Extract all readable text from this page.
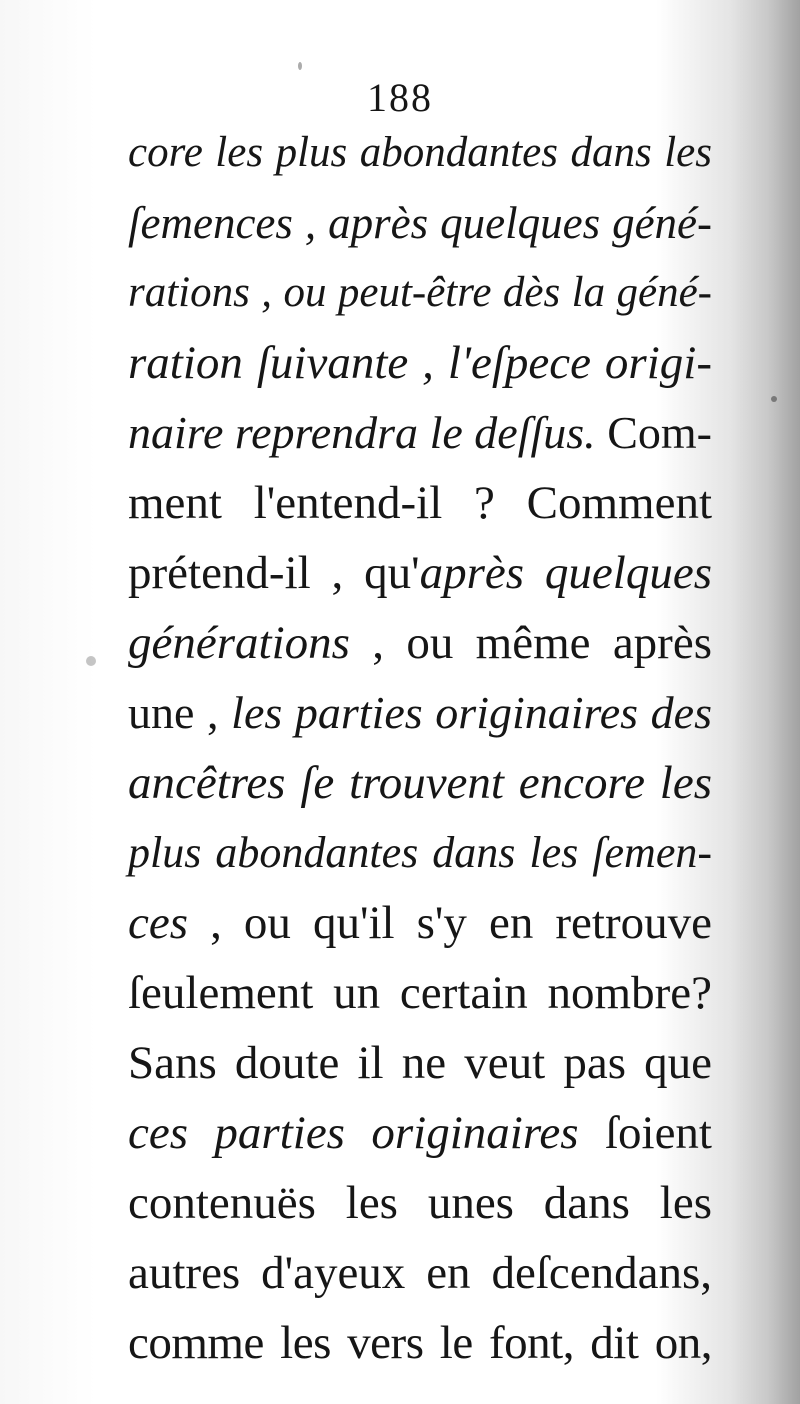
188
core les plus abondantes dans les
ſemences , après quelques géné-
rations , ou peut-être dès la géné-
ration ſuivante , l'eſpece origi-
naire reprendra le deſſus. Com-
ment l'entend-il ? Comment
prétend-il , qu'après quelques
générations , ou même après
une , les parties originaires des
ancêtres ſe trouvent encore les
plus abondantes dans les ſemen-
ces , ou qu'il s'y en retrouve
ſeulement un certain nombre?
Sans doute il ne veut pas que
ces parties originaires ſoient
contenuës les unes dans les
autres d'ayeux en deſcendans,
comme les vers le font, dit on,
